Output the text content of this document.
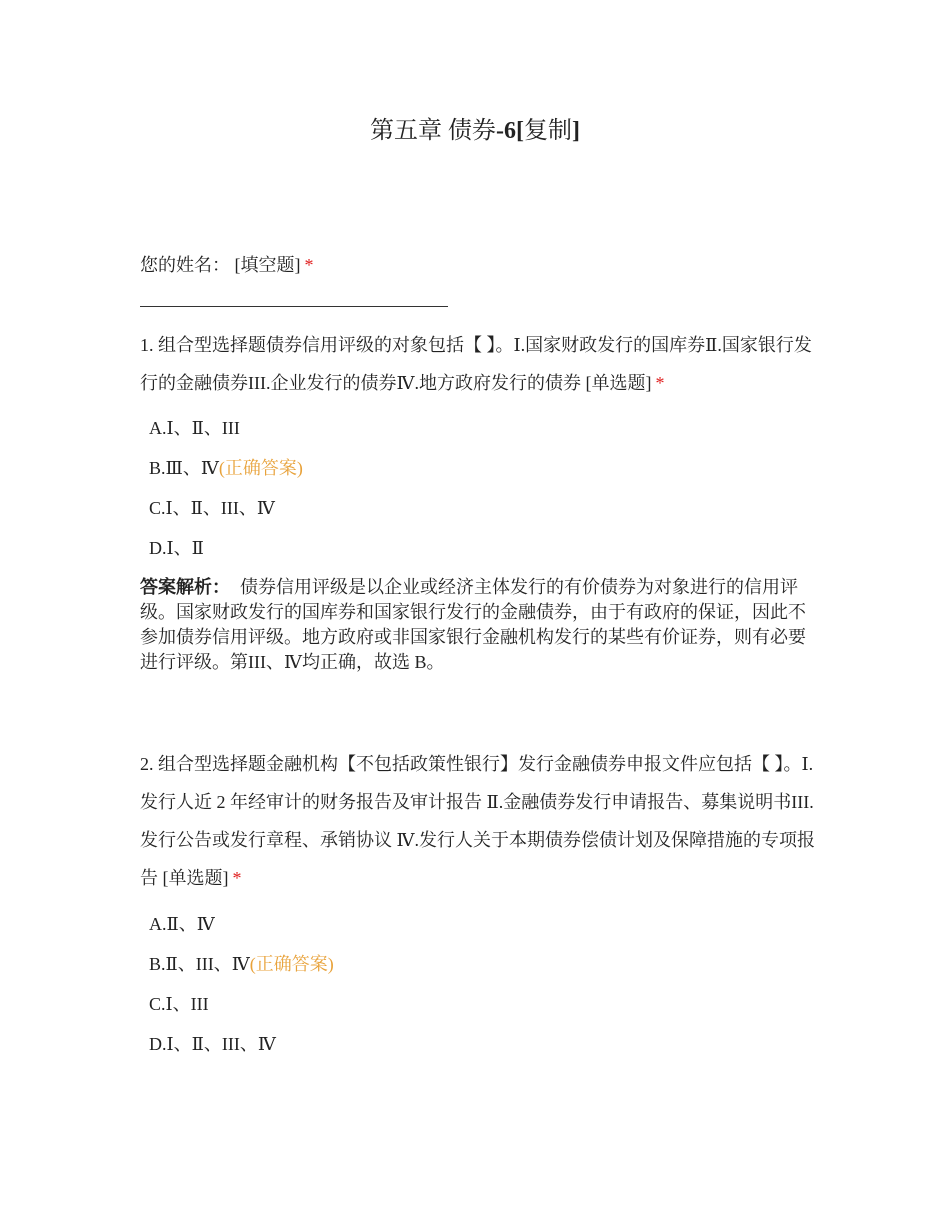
第五章 债券-6[复制]
您的姓名： [填空题] *
1. 组合型选择题债券信用评级的对象包括【 】。Ⅰ.国家财政发行的国库券Ⅱ.国家银行发行的金融债券III.企业发行的债券Ⅳ.地方政府发行的债券 [单选题] *
A.Ⅰ、Ⅱ、III
B.Ⅲ、Ⅳ(正确答案)
C.Ⅰ、Ⅱ、III、Ⅳ
D.Ⅰ、Ⅱ
答案解析： 债券信用评级是以企业或经济主体发行的有价债券为对象进行的信用评级。国家财政发行的国库券和国家银行发行的金融债券，由于有政府的保证，因此不参加债券信用评级。地方政府或非国家银行金融机构发行的某些有价证券，则有必要进行评级。第III、Ⅳ均正确，故选 B。
2. 组合型选择题金融机构【不包括政策性银行】发行金融债券申报文件应包括【 】。Ⅰ.发行人近 2 年经审计的财务报告及审计报告 Ⅱ.金融债券发行申请报告、募集说明书III.发行公告或发行章程、承销协议 Ⅳ.发行人关于本期债券偿债计划及保障措施的专项报告 [单选题] *
A.Ⅱ、Ⅳ
B.Ⅱ、III、Ⅳ(正确答案)
C.Ⅰ、III
D.Ⅰ、Ⅱ、III、Ⅳ
